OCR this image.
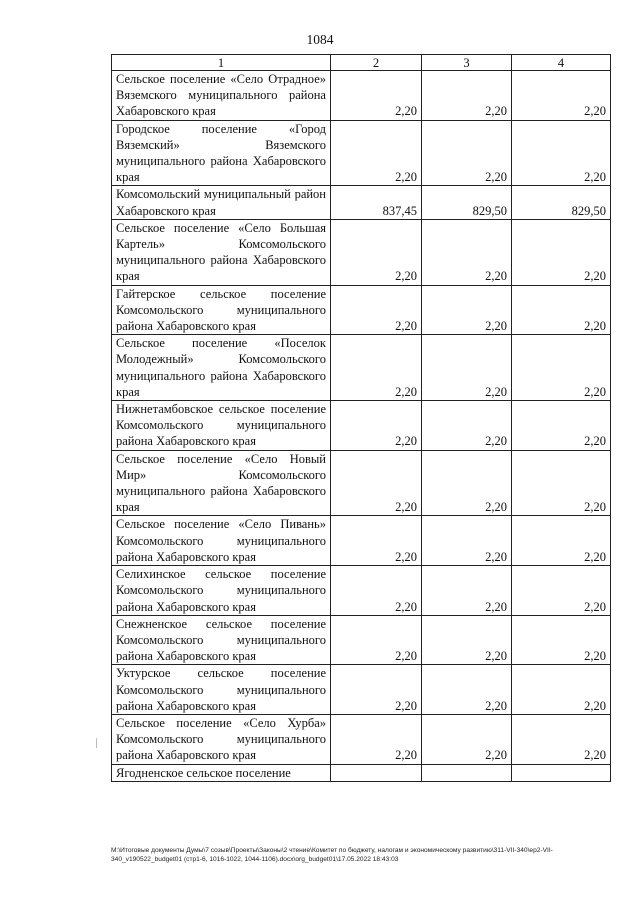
1084
1	2	3	4
Сельское поселение «Село Отрадное» Вяземского муниципального района Хабаровского края	2,20	2,20	2,20
Городское поселение «Город Вяземский» Вяземского муниципального района Хабаровского края	2,20	2,20	2,20
Комсомольский муниципальный район Хабаровского края	837,45	829,50	829,50
Сельское поселение «Село Большая Картель» Комсомольского муниципального района Хабаровского края	2,20	2,20	2,20
Гайтерское сельское поселение Комсомольского муниципального района Хабаровского края	2,20	2,20	2,20
Сельское поселение «Поселок Молодежный» Комсомольского муниципального района Хабаровского края	2,20	2,20	2,20
Нижнетамбовское сельское поселение Комсомольского муниципального района Хабаровского края	2,20	2,20	2,20
Сельское поселение «Село Новый Мир» Комсомольского муниципального района Хабаровского края	2,20	2,20	2,20
Сельское поселение «Село Пивань» Комсомольского муниципального района Хабаровского края	2,20	2,20	2,20
Селихинское сельское поселение Комсомольского муниципального района Хабаровского края	2,20	2,20	2,20
Снежненское сельское поселение Комсомольского муниципального района Хабаровского края	2,20	2,20	2,20
Уктурское сельское поселение Комсомольского муниципального района Хабаровского края	2,20	2,20	2,20
Сельское поселение «Село Хурба» Комсомольского муниципального района Хабаровского края	2,20	2,20	2,20
Ягодненское сельское поселение			
M:\Итоговые документы Думы\7 созыв\Проекты\Законы\2 чтение\Комитет по бюджету, налогам и экономическому развитию\311-VII-340\ep2-VII-
340_v190522_budget01 (стр1-6, 1016-1022, 1044-1106).docx\org_budget01\17.05.2022 18:43:03
